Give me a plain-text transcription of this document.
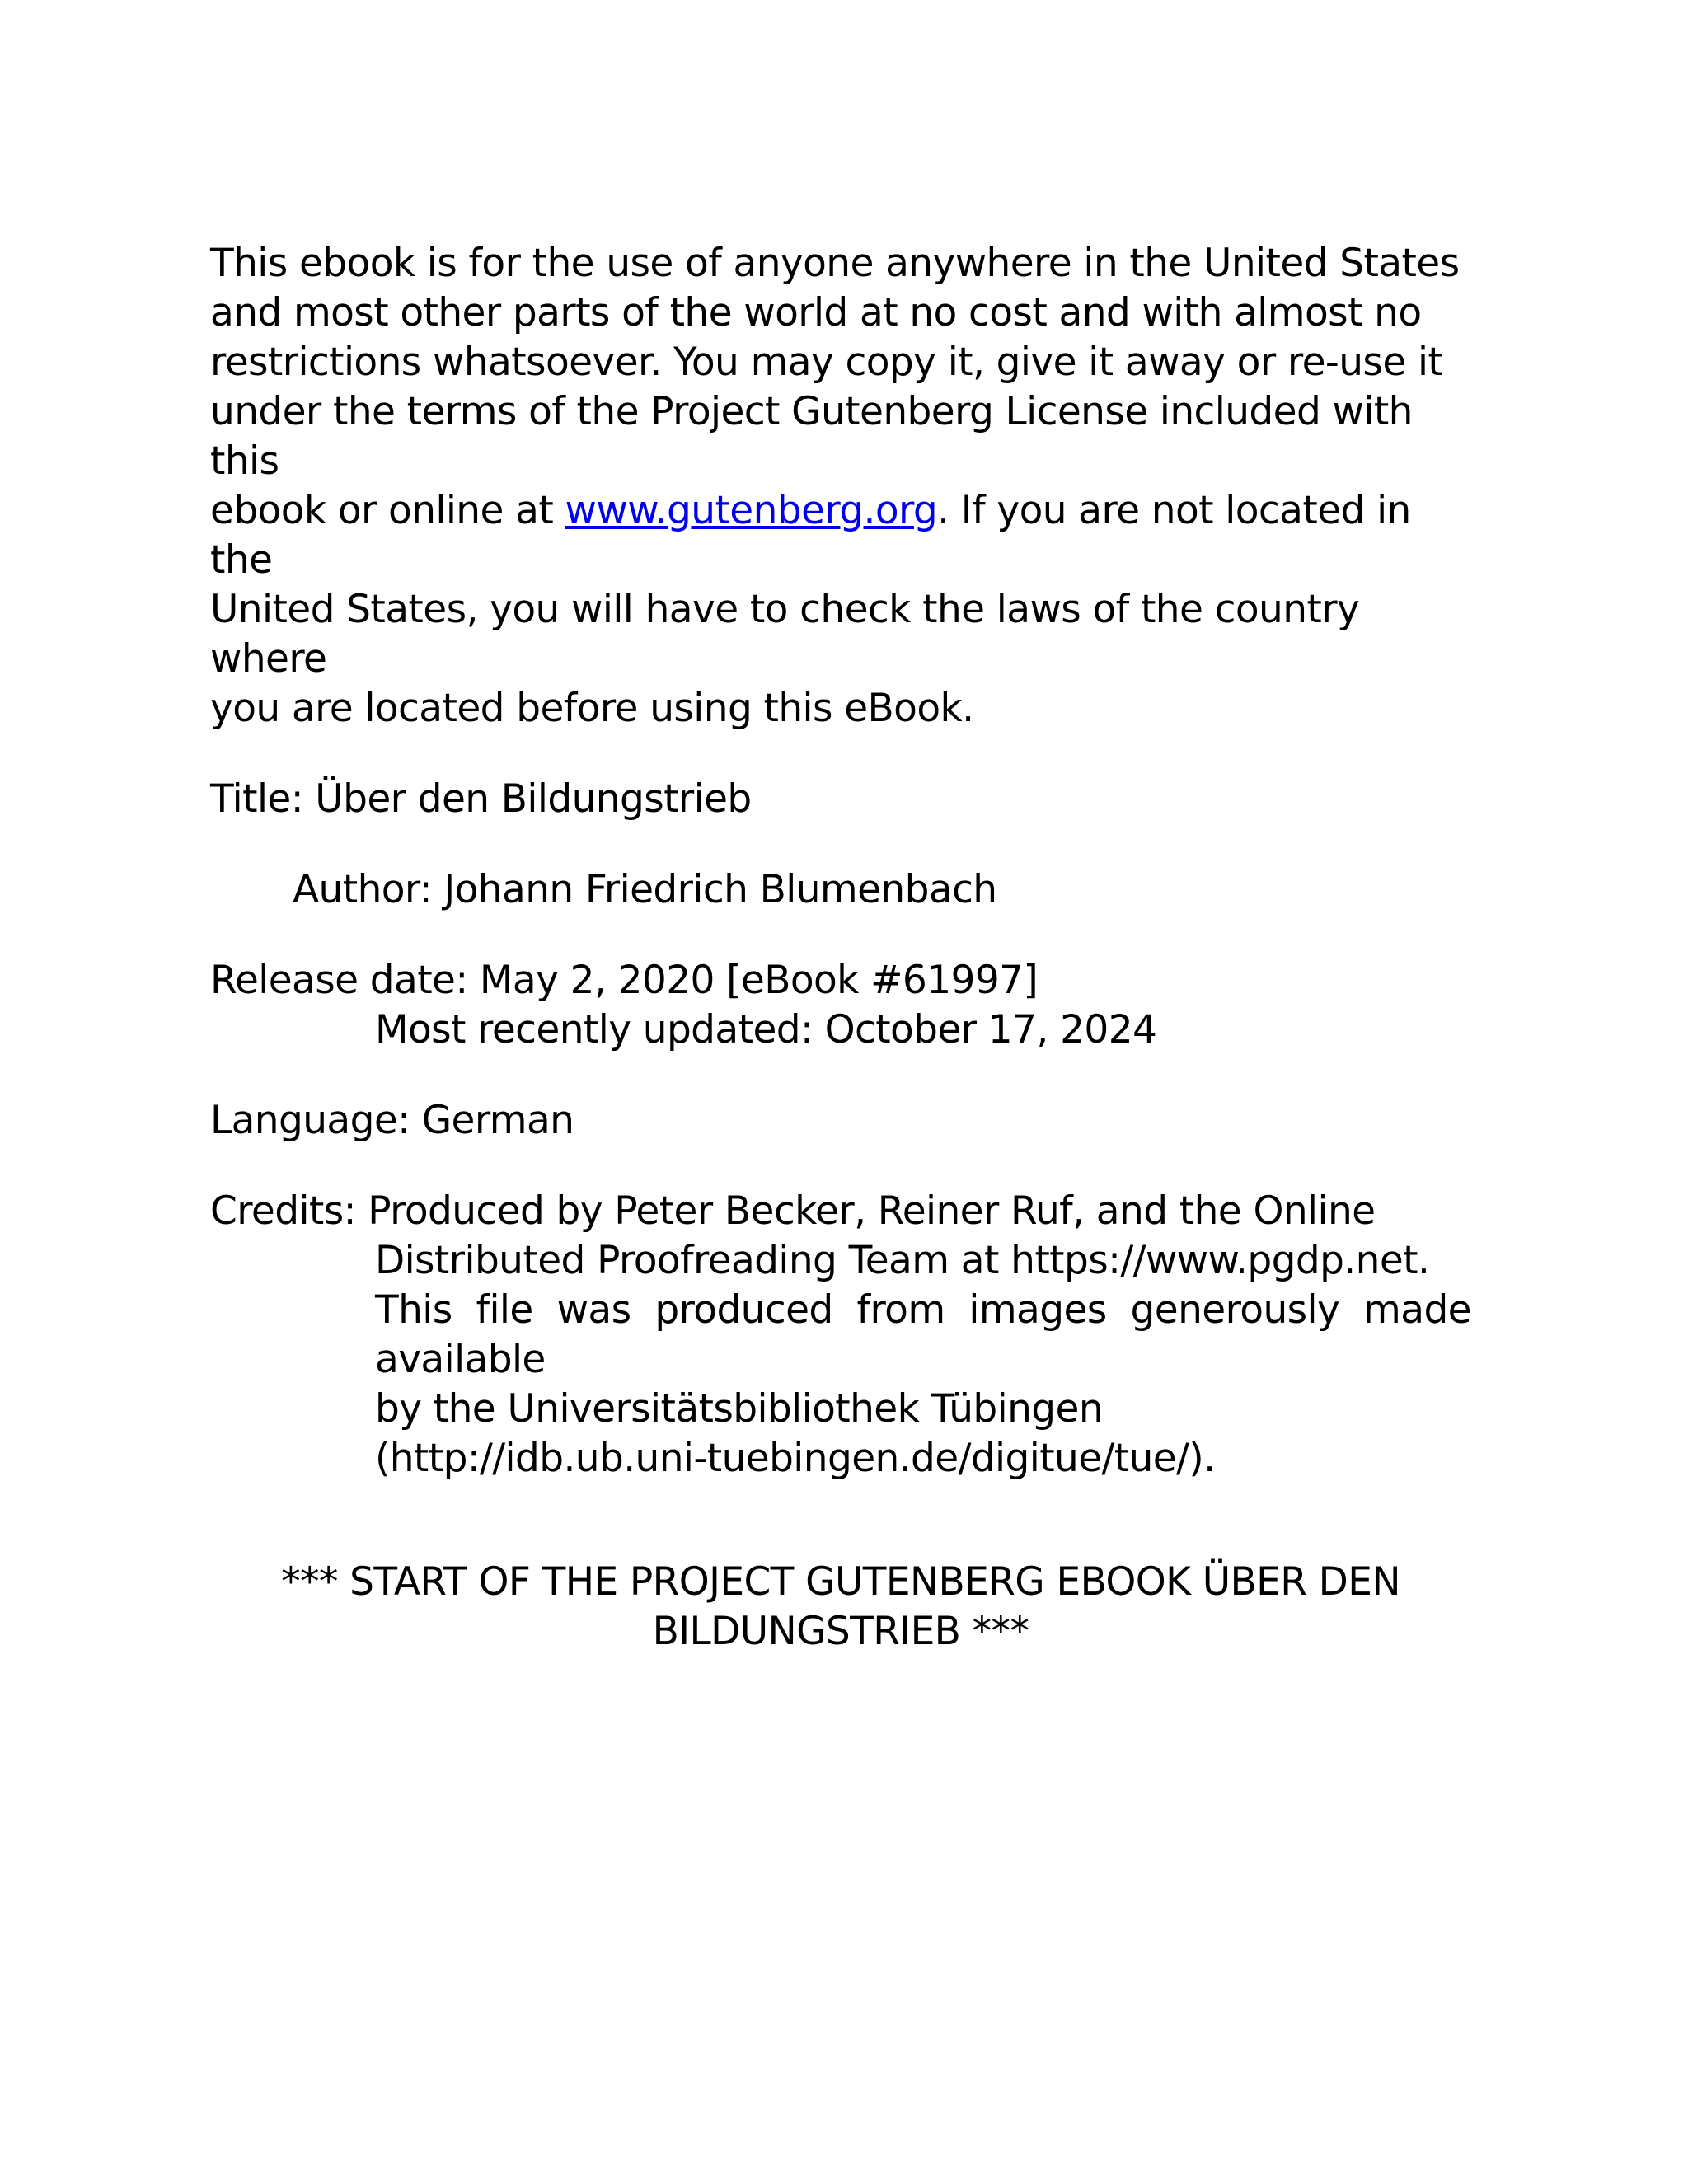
This ebook is for the use of anyone anywhere in the United States
and most other parts of the world at no cost and with almost no
restrictions whatsoever. You may copy it, give it away or re-use it
under the terms of the Project Gutenberg License included with this
ebook or online at www.gutenberg.org. If you are not located in the
United States, you will have to check the laws of the country where
you are located before using this eBook.
Title: Über den Bildungstrieb
Author: Johann Friedrich Blumenbach
Release date: May 2, 2020 [eBook #61997]
Most recently updated: October 17, 2024
Language: German
Credits: Produced by Peter Becker, Reiner Ruf, and the Online
Distributed Proofreading Team at https://www.pgdp.net.
This file was produced from images generously made
available
by the Universitätsbibliothek Tübingen
(http://idb.ub.uni-tuebingen.de/digitue/tue/).
*** START OF THE PROJECT GUTENBERG EBOOK ÜBER DEN
BILDUNGSTRIEB ***
